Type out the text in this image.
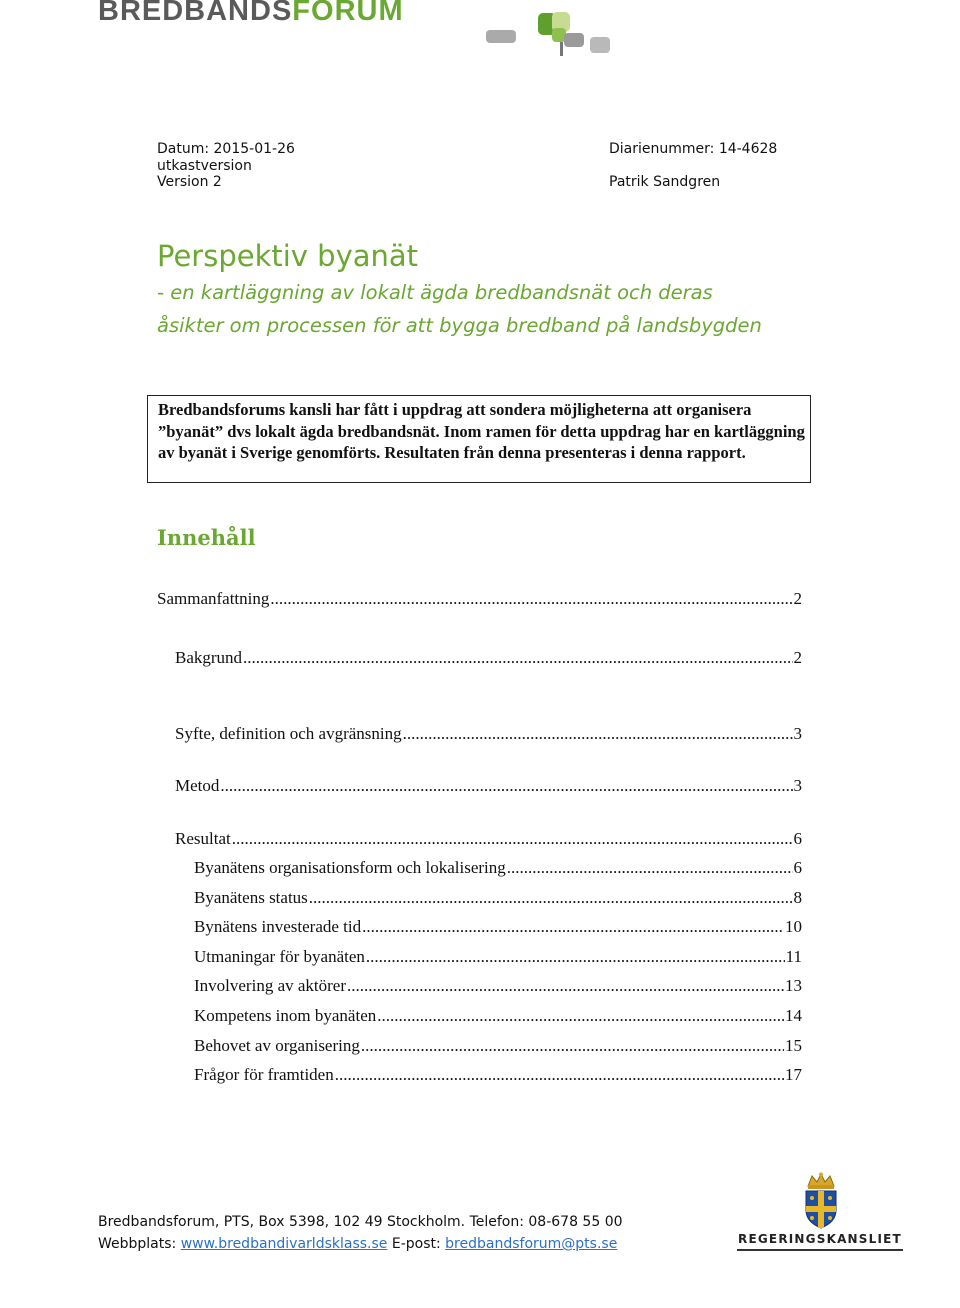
BREDBANDSFORUM
Datum: 2015-01-26
utkastversion
Version 2
Diarienummer: 14-4628
Patrik Sandgren
Perspektiv byanät
- en kartläggning av lokalt ägda bredbandsnät och deras
åsikter om processen för att bygga bredband på landsbygden
Bredbandsforums kansli har fått i uppdrag att sondera möjligheterna att organisera ”byanät” dvs lokalt ägda bredbandsnät. Inom ramen för detta uppdrag har en kartläggning av byanät i Sverige genomförts. Resultaten från denna presenteras i denna rapport.
Innehåll
Sammanfattning .....	2
Bakgrund .....	2
Syfte, definition och avgränsning .....	3
Metod .....	3
Resultat .....	6
Byanätens organisationsform och lokalisering .....	6
Byanätens status .....	8
Bynätens investerade tid .....	10
Utmaningar för byanäten .....	11
Involvering av aktörer .....	13
Kompetens inom byanäten .....	14
Behovet av organisering .....	15
Frågor för framtiden .....	17
Bredbandsforum, PTS, Box 5398, 102 49 Stockholm. Telefon: 08-678 55 00
Webbplats: www.bredbandivarldsklass.se E-post: bredbandsforum@pts.se	REGERINGSKANSLIET
